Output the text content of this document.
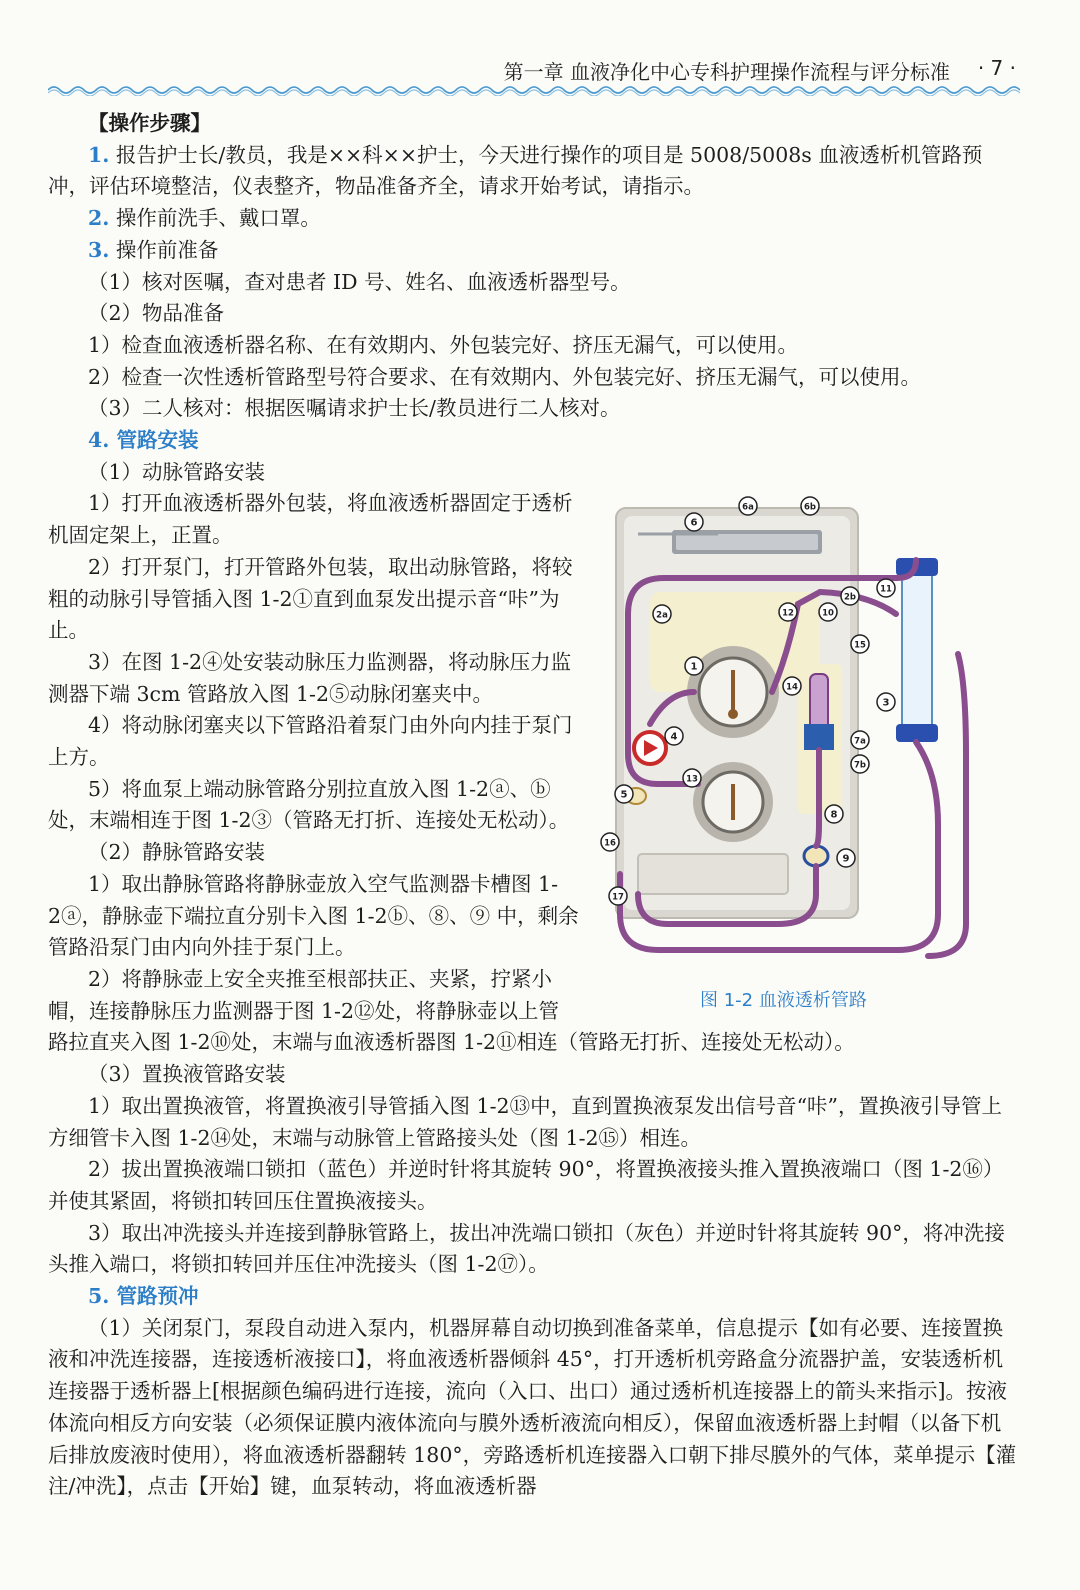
第一章 血液净化中心专科护理操作流程与评分标准 · 7 ·

【操作步骤】

1. 报告护士长/教员，我是××科××护士，今天进行操作的项目是 5008/5008s 血液透析机管路预冲，评估环境整洁，仪表整齐，物品准备齐全，请求开始考试，请指示。

2. 操作前洗手、戴口罩。

3. 操作前准备

（1）核对医嘱，查对患者 ID 号、姓名、血液透析器型号。

（2）物品准备

1）检查血液透析器名称、在有效期内、外包装完好、挤压无漏气，可以使用。

2）检查一次性透析管路型号符合要求、在有效期内、外包装完好、挤压无漏气，可以使用。

（3）二人核对：根据医嘱请求护士长/教员进行二人核对。

4. 管路安装

（1）动脉管路安装

1）打开血液透析器外包装，将血液透析器固定于透析机固定架上，正置。

2）打开泵门，打开管路外包装，取出动脉管路，将较粗的动脉引导管插入图 1-2①直到血泵发出提示音“咔”为止。

3）在图 1-2④处安装动脉压力监测器，将动脉压力监测器下端 3cm 管路放入图 1-2⑤动脉闭塞夹中。

4）将动脉闭塞夹以下管路沿着泵门由外向内挂于泵门上方。

5）将血泵上端动脉管路分别拉直放入图 1-2ⓐ、ⓑ处，末端相连于图 1-2③（管路无打折、连接处无松动）。

（2）静脉管路安装

1）取出静脉管路将静脉壶放入空气监测器卡槽图 1-2ⓐ，静脉壶下端拉直分别卡入图 1-2ⓑ、⑧、⑨ 中，剩余管路沿泵门由内向外挂于泵门上。

2）将静脉壶上安全夹推至根部扶正、夹紧，拧紧小帽，连接静脉压力监测器于图 1-2⑫处，将静脉壶以上管

路拉直夹入图 1-2⑩处，末端与血液透析器图 1-2⑪相连（管路无打折、连接处无松动）。

（3）置换液管路安装

1）取出置换液管，将置换液引导管插入图 1-2⑬中，直到置换液泵发出信号音“咔”，置换液引导管上方细管卡入图 1-2⑭处，末端与动脉管上管路接头处（图 1-2⑮）相连。

2）拔出置换液端口锁扣（蓝色）并逆时针将其旋转 90°，将置换液接头推入置换液端口（图 1-2⑯）并使其紧固，将锁扣转回压住置换液接头。

3）取出冲洗接头并连接到静脉管路上，拔出冲洗端口锁扣（灰色）并逆时针将其旋转 90°，将冲洗接头推入端口，将锁扣转回并压住冲洗接头（图 1-2⑰）。

5. 管路预冲

（1）关闭泵门，泵段自动进入泵内，机器屏幕自动切换到准备菜单，信息提示【如有必要、连接置换液和冲洗连接器，连接透析液接口】，将血液透析器倾斜 45°，打开透析机旁路盒分流器护盖，安装透析机连接器于透析器上[根据颜色编码进行连接，流向（入口、出口）通过透析机连接器上的箭头来指示]。按液体流向相反方向安装（必须保证膜内液体流向与膜外透析液流向相反），保留血液透析器上封帽（以备下机后排放废液时使用），将血液透析器翻转 180°，旁路透析机连接器入口朝下排尽膜外的气体，菜单提示【灌注/冲洗】，点击【开始】键，血泵转动，将血液透析器

6a	6b
6
11
2a
2b
12	10
15
1
14
3
4	7a
7b
13
5
8
16
9
17
图 1-2 血液透析管路
